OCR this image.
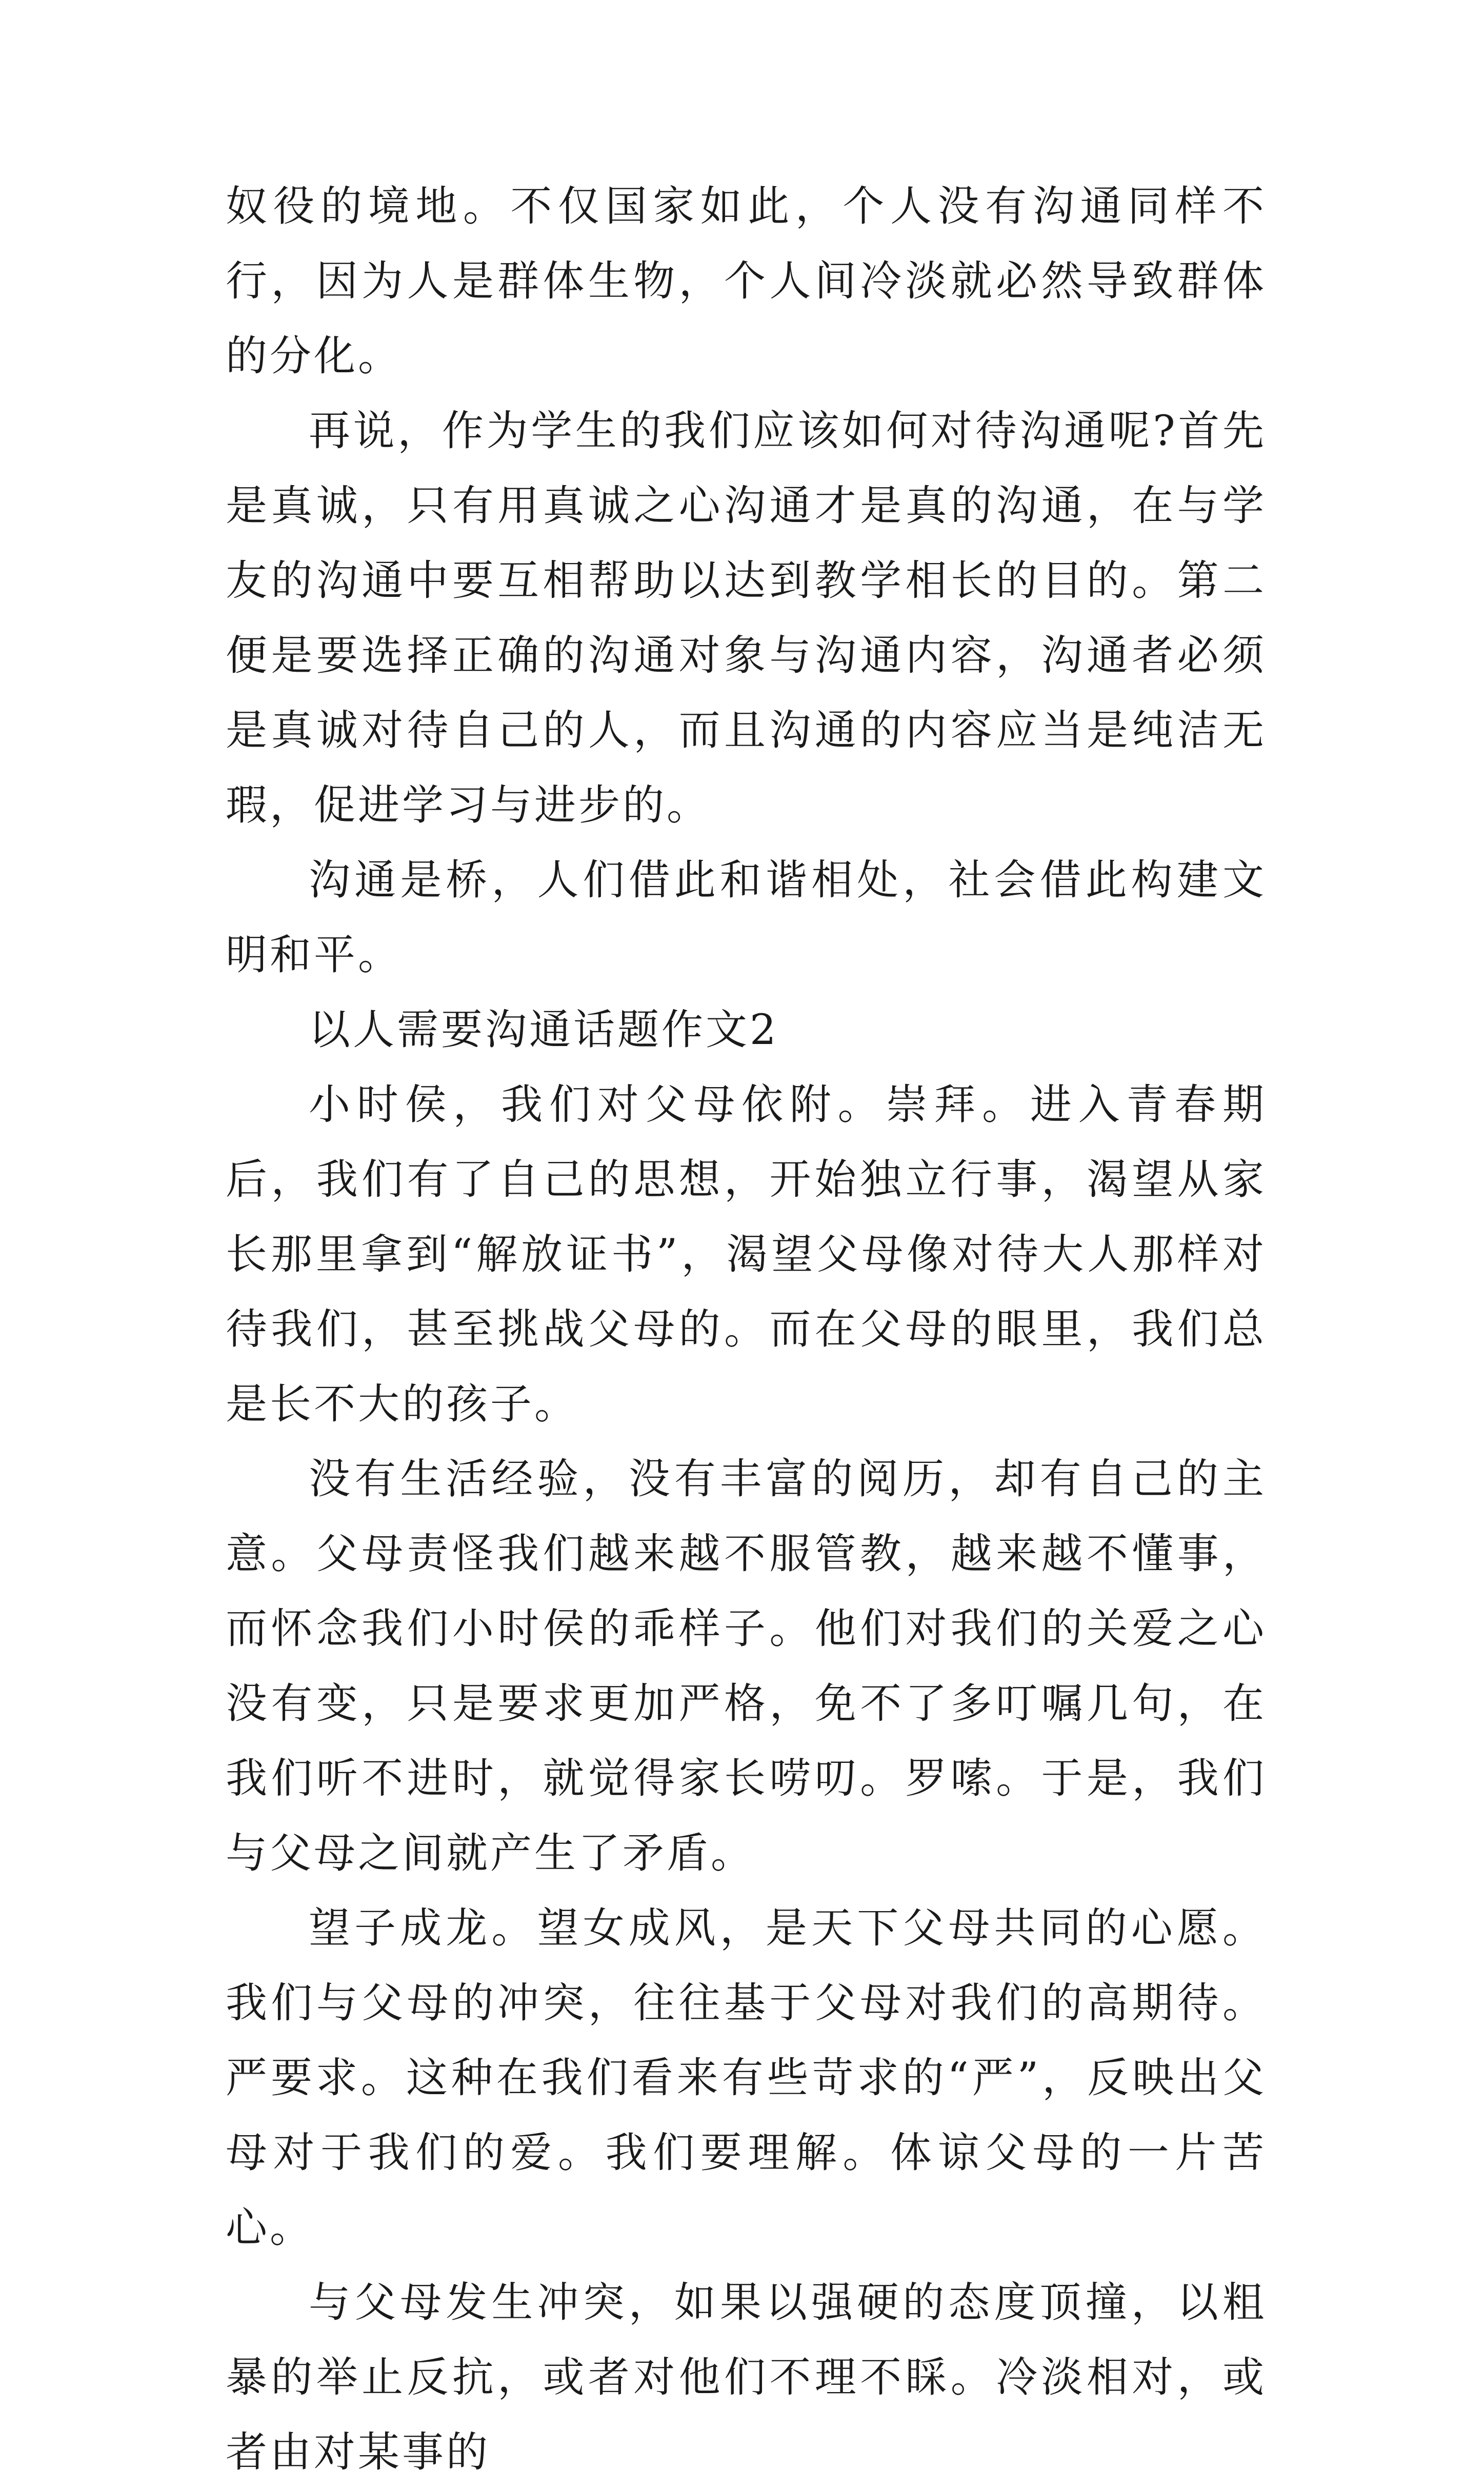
奴役的境地。不仅国家如此，个人没有沟通同样不行，因为人是群体生物，个人间冷淡就必然导致群体的分化。

再说，作为学生的我们应该如何对待沟通呢?首先是真诚，只有用真诚之心沟通才是真的沟通，在与学友的沟通中要互相帮助以达到教学相长的目的。第二便是要选择正确的沟通对象与沟通内容，沟通者必须是真诚对待自己的人，而且沟通的内容应当是纯洁无瑕，促进学习与进步的。

沟通是桥，人们借此和谐相处，社会借此构建文明和平。

以人需要沟通话题作文2

小时侯，我们对父母依附。崇拜。进入青春期后，我们有了自己的思想，开始独立行事，渴望从家长那里拿到“解放证书”，渴望父母像对待大人那样对待我们，甚至挑战父母的。而在父母的眼里，我们总是长不大的孩子。

没有生活经验，没有丰富的阅历，却有自己的主意。父母责怪我们越来越不服管教，越来越不懂事，而怀念我们小时侯的乖样子。他们对我们的关爱之心没有变，只是要求更加严格，免不了多叮嘱几句，在我们听不进时，就觉得家长唠叨。罗嗦。于是，我们与父母之间就产生了矛盾。

望子成龙。望女成风，是天下父母共同的心愿。我们与父母的冲突，往往基于父母对我们的高期待。严要求。这种在我们看来有些苛求的“严”，反映出父母对于我们的爱。我们要理解。体谅父母的一片苦心。

与父母发生冲突，如果以强硬的态度顶撞，以粗暴的举止反抗，或者对他们不理不睬。冷淡相对，或者由对某事的
